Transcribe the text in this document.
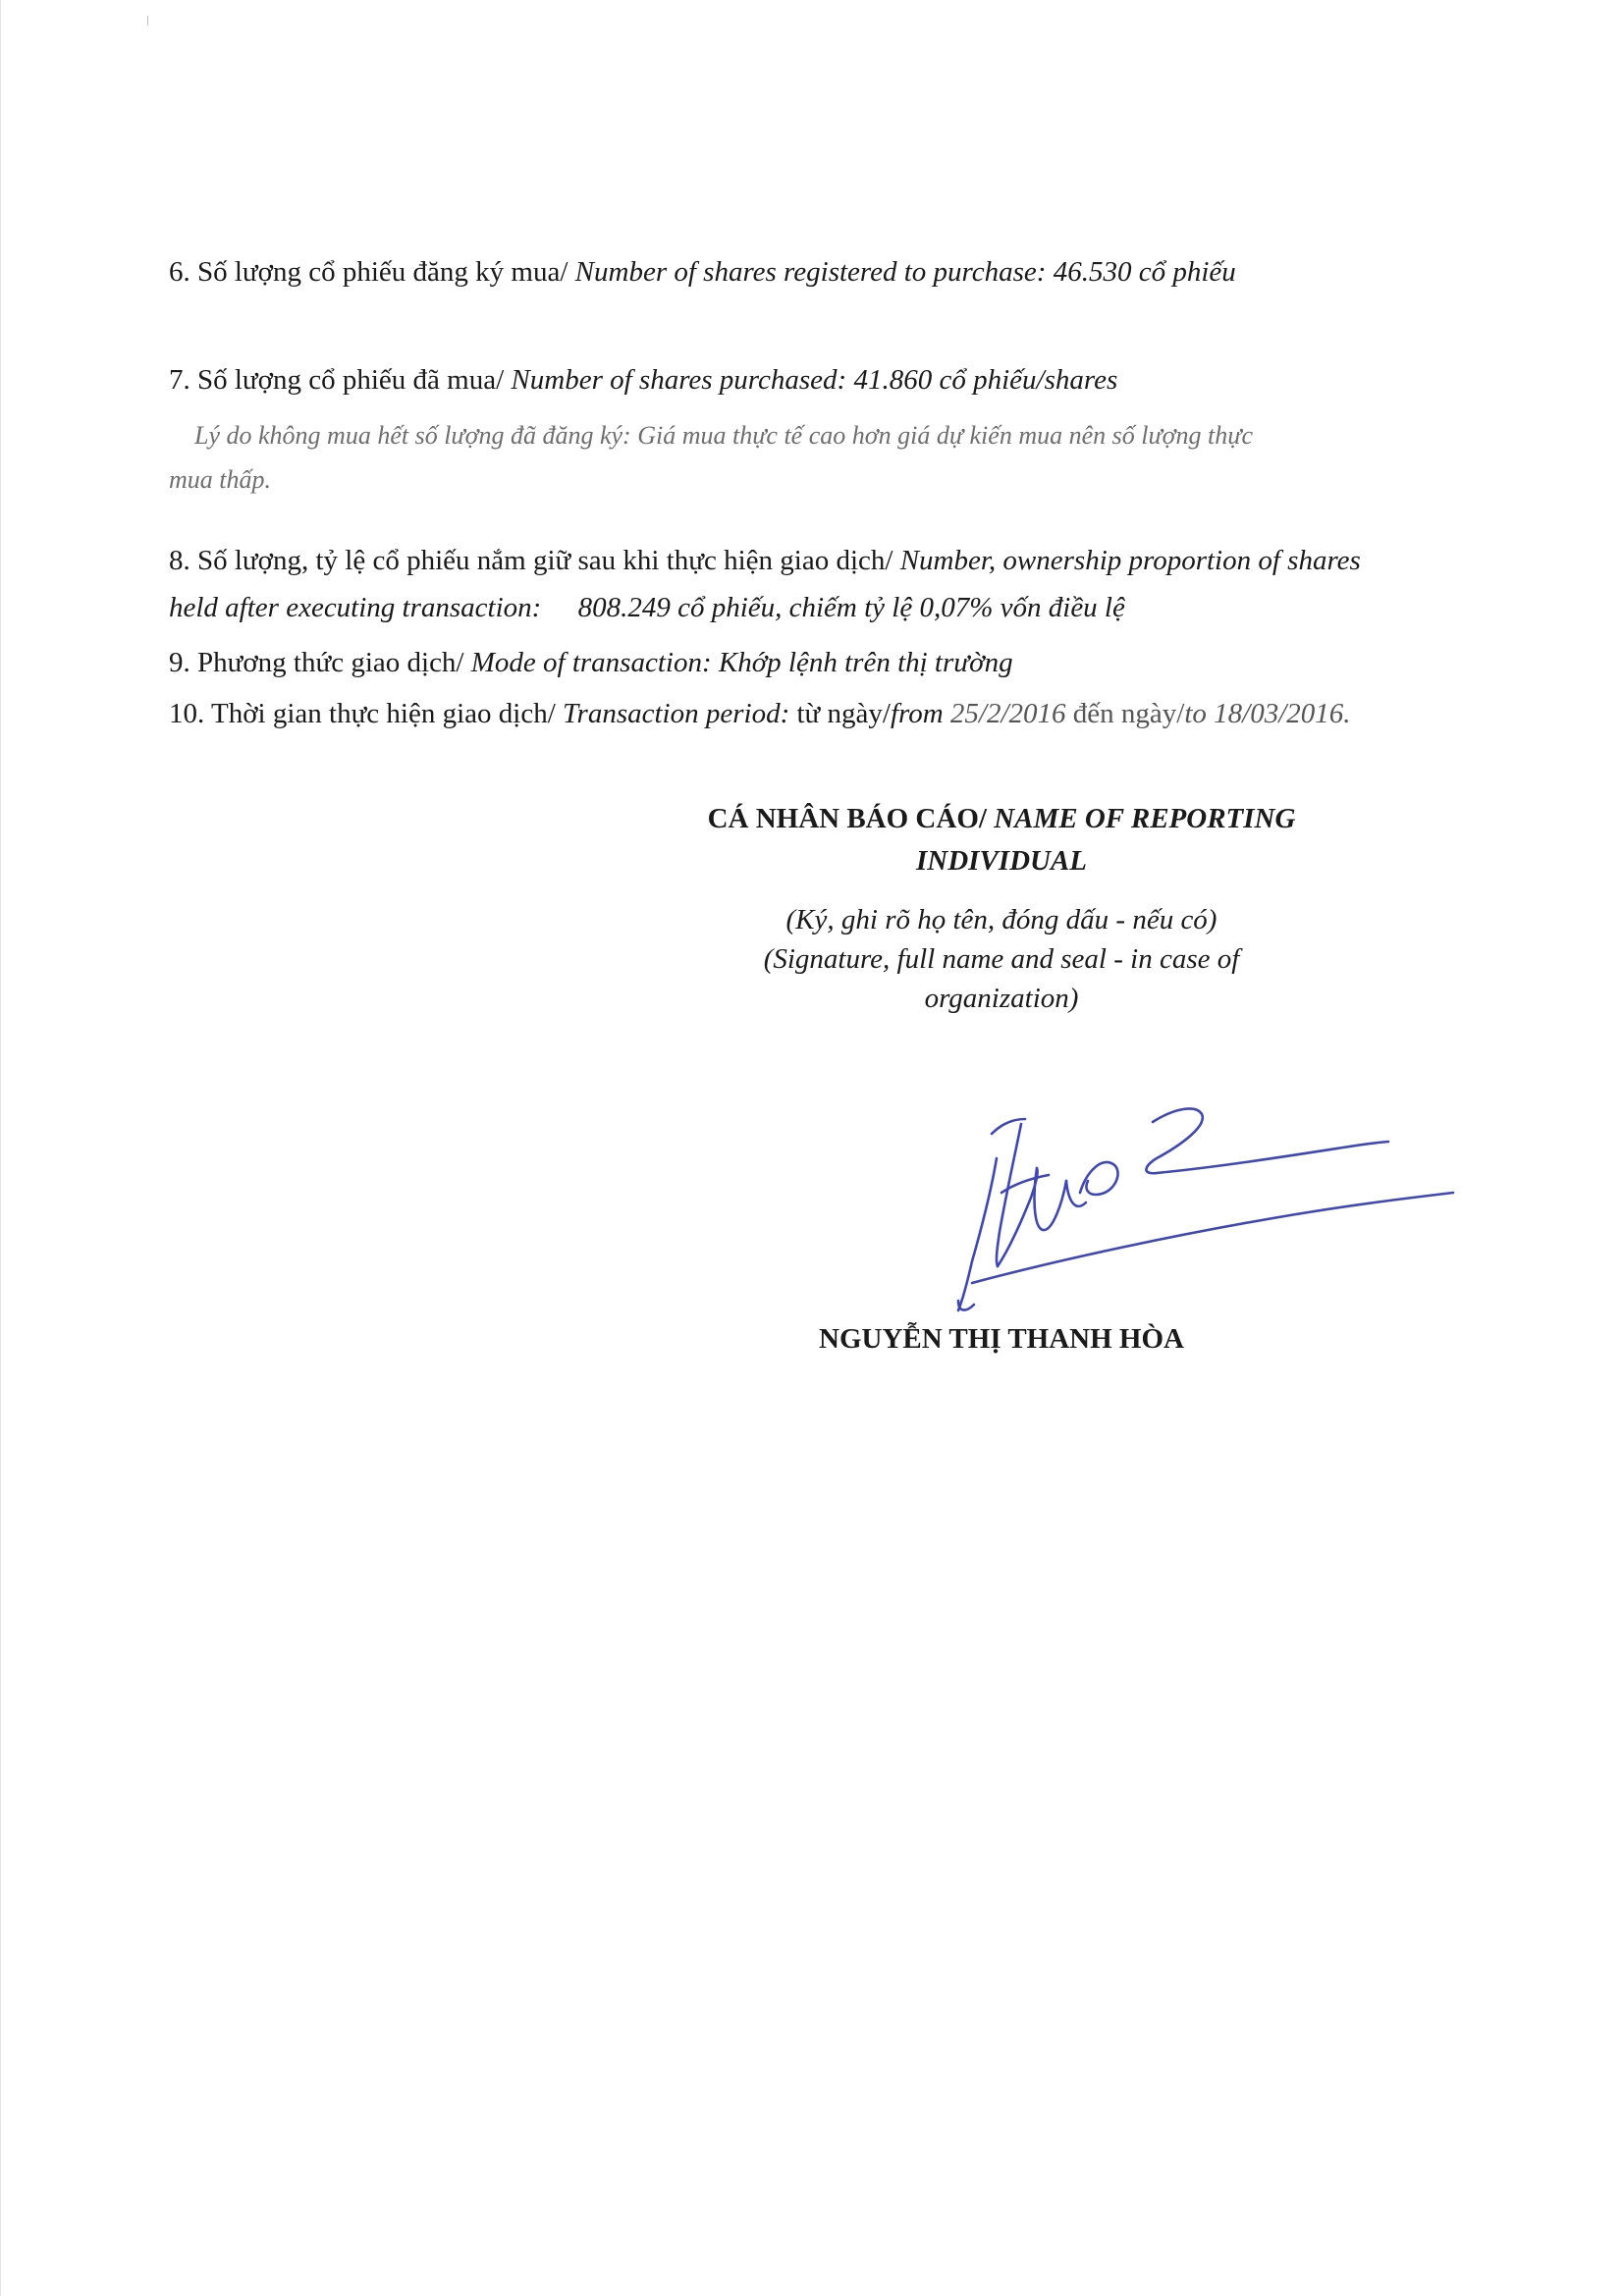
6. Số lượng cổ phiếu đăng ký mua/ Number of shares registered to purchase: 46.530 cổ phiếu
7. Số lượng cổ phiếu đã mua/ Number of shares purchased: 41.860 cổ phiếu/shares
Lý do không mua hết số lượng đã đăng ký: Giá mua thực tế cao hơn giá dự kiến mua nên số lượng thực
mua thấp.
8. Số lượng, tỷ lệ cổ phiếu nắm giữ sau khi thực hiện giao dịch/ Number, ownership proportion of shares
held after executing transaction: 808.249 cổ phiếu, chiếm tỷ lệ 0,07% vốn điều lệ
9. Phương thức giao dịch/ Mode of transaction: Khớp lệnh trên thị trường
10. Thời gian thực hiện giao dịch/ Transaction period: từ ngày/from 25/2/2016 đến ngày/to 18/03/2016.
CÁ NHÂN BÁO CÁO/ NAME OF REPORTING
INDIVIDUAL
(Ký, ghi rõ họ tên, đóng dấu - nếu có)
(Signature, full name and seal - in case of
organization)
NGUYỄN THỊ THANH HÒA
